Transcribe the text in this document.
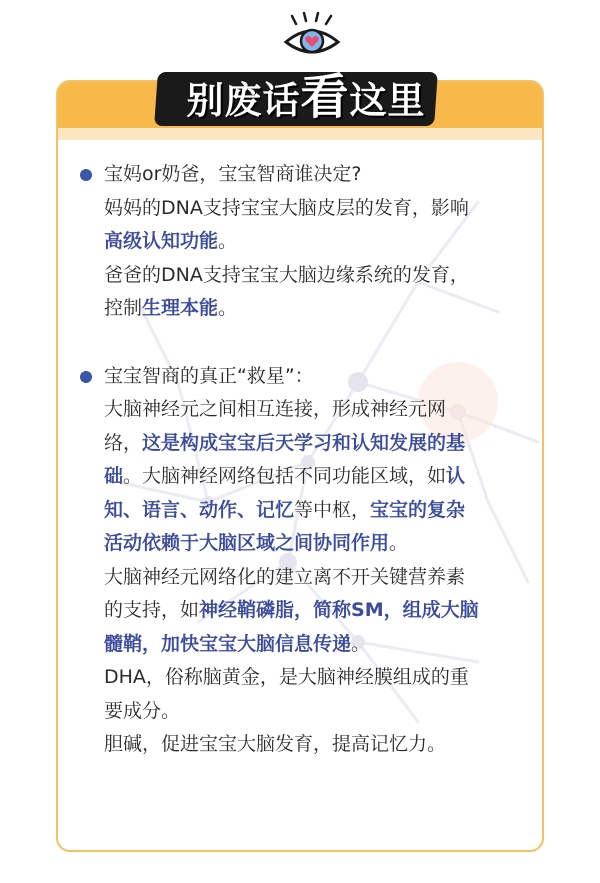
别废话 看 这里
宝妈or奶爸，宝宝智商谁决定?
妈妈的DNA支持宝宝大脑皮层的发育，影响
高级认知功能。
爸爸的DNA支持宝宝大脑边缘系统的发育，
控制生理本能。
宝宝智商的真正“救星”：
大脑神经元之间相互连接，形成神经元网
络，这是构成宝宝后天学习和认知发展的基
础。大脑神经网络包括不同功能区域，如认
知、语言、动作、记忆等中枢，宝宝的复杂
活动依赖于大脑区域之间协同作用。
大脑神经元网络化的建立离不开关键营养素
的支持，如神经鞘磷脂，简称SM，组成大脑
髓鞘，加快宝宝大脑信息传递。
DHA，俗称脑黄金，是大脑神经膜组成的重
要成分。
胆碱，促进宝宝大脑发育，提高记忆力。
